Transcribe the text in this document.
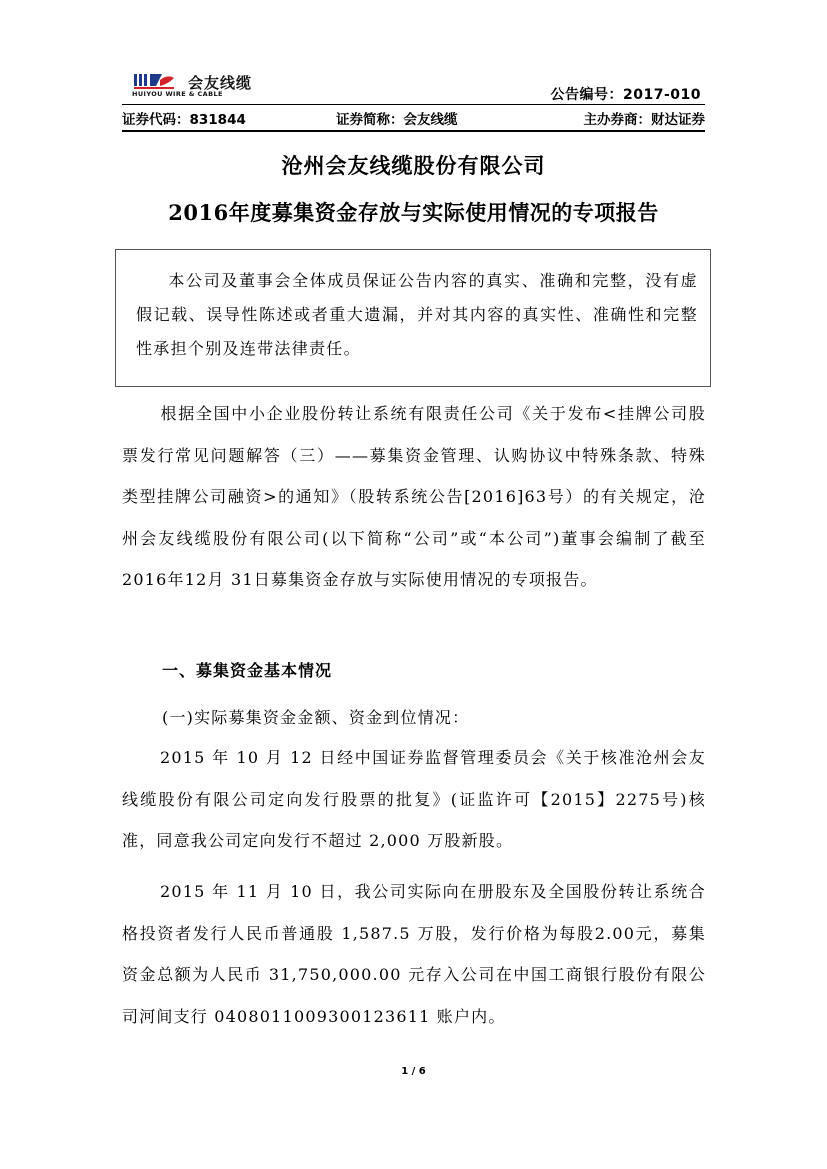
会友线缆
HUIYOU WIRE & CABLE	公告编号：2017-010
证券代码：831844	证券简称：会友线缆	主办券商：财达证券
沧州会友线缆股份有限公司
2016年度募集资金存放与实际使用情况的专项报告
本公司及董事会全体成员保证公告内容的真实、准确和完整，没有虚假记载、误导性陈述或者重大遗漏，并对其内容的真实性、准确性和完整性承担个别及连带法律责任。
根据全国中小企业股份转让系统有限责任公司《关于发布<挂牌公司股票发行常见问题解答（三）——募集资金管理、认购协议中特殊条款、特殊类型挂牌公司融资>的通知》（股转系统公告[2016]63号）的有关规定，沧州会友线缆股份有限公司(以下简称“公司”或“本公司”)董事会编制了截至 2016年12月 31日募集资金存放与实际使用情况的专项报告。
一、募集资金基本情况
(一)实际募集资金金额、资金到位情况：
2015 年 10 月 12 日经中国证券监督管理委员会《关于核准沧州会友线缆股份有限公司定向发行股票的批复》(证监许可【2015】2275号)核准，同意我公司定向发行不超过 2,000 万股新股。
2015 年 11 月 10 日，我公司实际向在册股东及全国股份转让系统合格投资者发行人民币普通股 1,587.5 万股，发行价格为每股2.00元，募集资金总额为人民币 31,750,000.00 元存入公司在中国工商银行股份有限公司河间支行 0408011009300123611 账户内。
1 / 6
